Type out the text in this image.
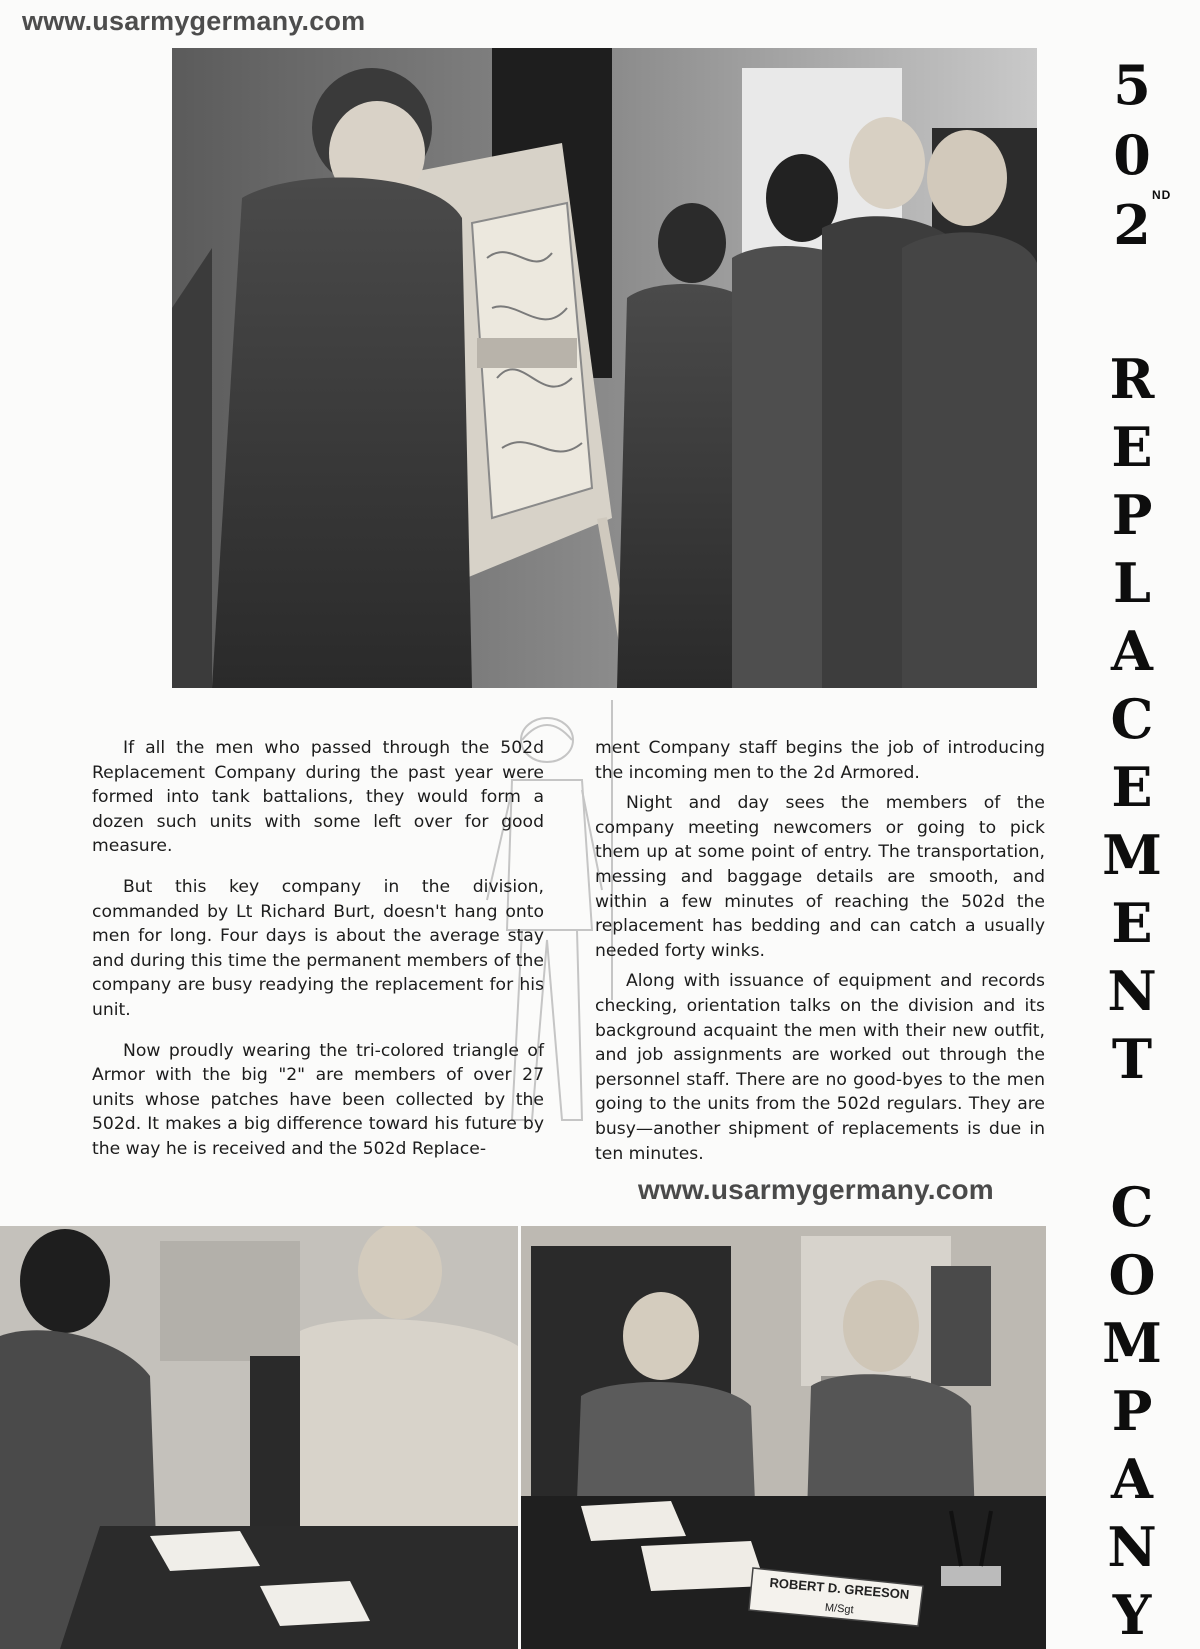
www.usarmygermany.com

If all the men who passed through the 502d Replacement Company during the past year were formed into tank battalions, they would form a dozen such units with some left over for good measure.

But this key company in the division, commanded by Lt Richard Burt, doesn't hang onto men for long. Four days is about the average stay and during this time the permanent members of the company are busy readying the replacement for his unit.

Now proudly wearing the tri-colored triangle of Armor with the big "2" are members of over 27 units whose patches have been collected by the 502d. It makes a big difference toward his future by the way he is received and the 502d Replace-

ment Company staff begins the job of introducing the incoming men to the 2d Armored.

Night and day sees the members of the company meeting newcomers or going to pick them up at some point of entry. The transportation, messing and baggage details are smooth, and within a few minutes of reaching the 502d the replacement has bedding and can catch a usually needed forty winks.

Along with issuance of equipment and records checking, orientation talks on the division and its background acquaint the men with their new outfit, and job assignments are worked out through the personnel staff. There are no good-byes to the men going to the units from the 502d regulars. They are busy—another shipment of replacements is due in ten minutes.

www.usarmygermany.com
ROBERT D. GREESON
M/Sgt
5
0
2 ND
R
E
P
L
A
C
E
M
E
N
T
C
O
M
P
A
N
Y
